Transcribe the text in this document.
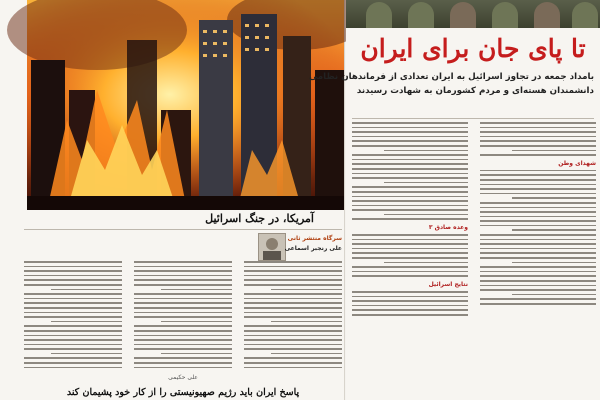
آمریکا، در جنگ اسرائیل
سرگاه منتشر ثانی
علی رنجبر اسماعی
علی حکیمی
پاسخ ایران باید رژیم صهیونیستی را از کار خود پشیمان کند
تا پای جان برای ایران
بامداد جمعه در تجاوز اسرائیل به ایران تعدادی از فرماندهان نظامی
دانشمندان هسته‌ای و مردم کشورمان به شهادت رسیدند
شهدای وطن
وعده صادق ۳
نتایج اسرائیل
